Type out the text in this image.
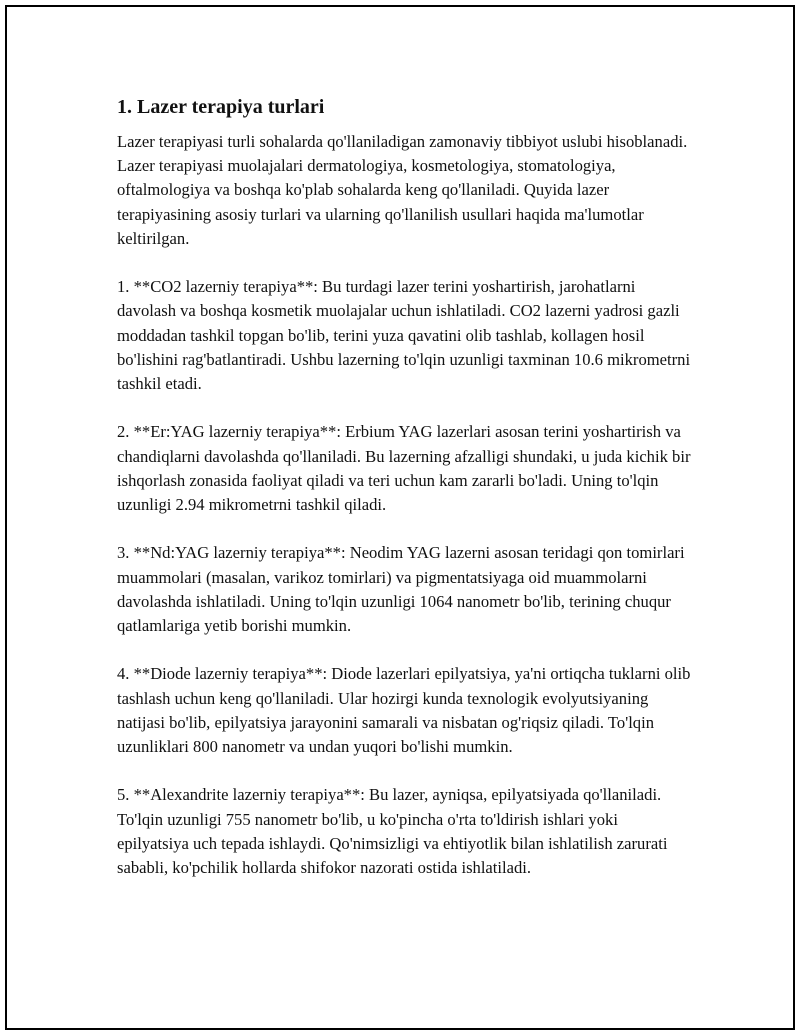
1. Lazer terapiya turlari

Lazer terapiyasi turli sohalarda qo'llaniladigan zamonaviy tibbiyot uslubi hisoblanadi. Lazer terapiyasi muolajalari dermatologiya, kosmetologiya, stomatologiya, oftalmologiya va boshqa ko'plab sohalarda keng qo'llaniladi. Quyida lazer terapiyasining asosiy turlari va ularning qo'llanilish usullari haqida ma'lumotlar keltirilgan.

1. **CO2 lazerniy terapiya**: Bu turdagi lazer terini yoshartirish, jarohatlarni davolash va boshqa kosmetik muolajalar uchun ishlatiladi. CO2 lazerni yadrosi gazli moddadan tashkil topgan bo'lib, terini yuza qavatini olib tashlab, kollagen hosil bo'lishini rag'batlantiradi. Ushbu lazerning to'lqin uzunligi taxminan 10.6 mikrometrni tashkil etadi.

2. **Er:YAG lazerniy terapiya**: Erbium YAG lazerlari asosan terini yoshartirish va chandiqlarni davolashda qo'llaniladi. Bu lazerning afzalligi shundaki, u juda kichik bir ishqorlash zonasida faoliyat qiladi va teri uchun kam zararli bo'ladi. Uning to'lqin uzunligi 2.94 mikrometrni tashkil qiladi.

3. **Nd:YAG lazerniy terapiya**: Neodim YAG lazerni asosan teridagi qon tomirlari muammolari (masalan, varikoz tomirlari) va pigmentatsiyaga oid muammolarni davolashda ishlatiladi. Uning to'lqin uzunligi 1064 nanometr bo'lib, terining chuqur qatlamlariga yetib borishi mumkin.

4. **Diode lazerniy terapiya**: Diode lazerlari epilyatsiya, ya'ni ortiqcha tuklarni olib tashlash uchun keng qo'llaniladi. Ular hozirgi kunda texnologik evolyutsiyaning natijasi bo'lib, epilyatsiya jarayonini samarali va nisbatan og'riqsiz qiladi. To'lqin uzunliklari 800 nanometr va undan yuqori bo'lishi mumkin.

5. **Alexandrite lazerniy terapiya**: Bu lazer, ayniqsa, epilyatsiyada qo'llaniladi. To'lqin uzunligi 755 nanometr bo'lib, u ko'pincha o'rta to'ldirish ishlari yoki epilyatsiya uch tepada ishlaydi. Qo'nimsizligi va ehtiyotlik bilan ishlatilish zarurati sababli, ko'pchilik hollarda shifokor nazorati ostida ishlatiladi.
